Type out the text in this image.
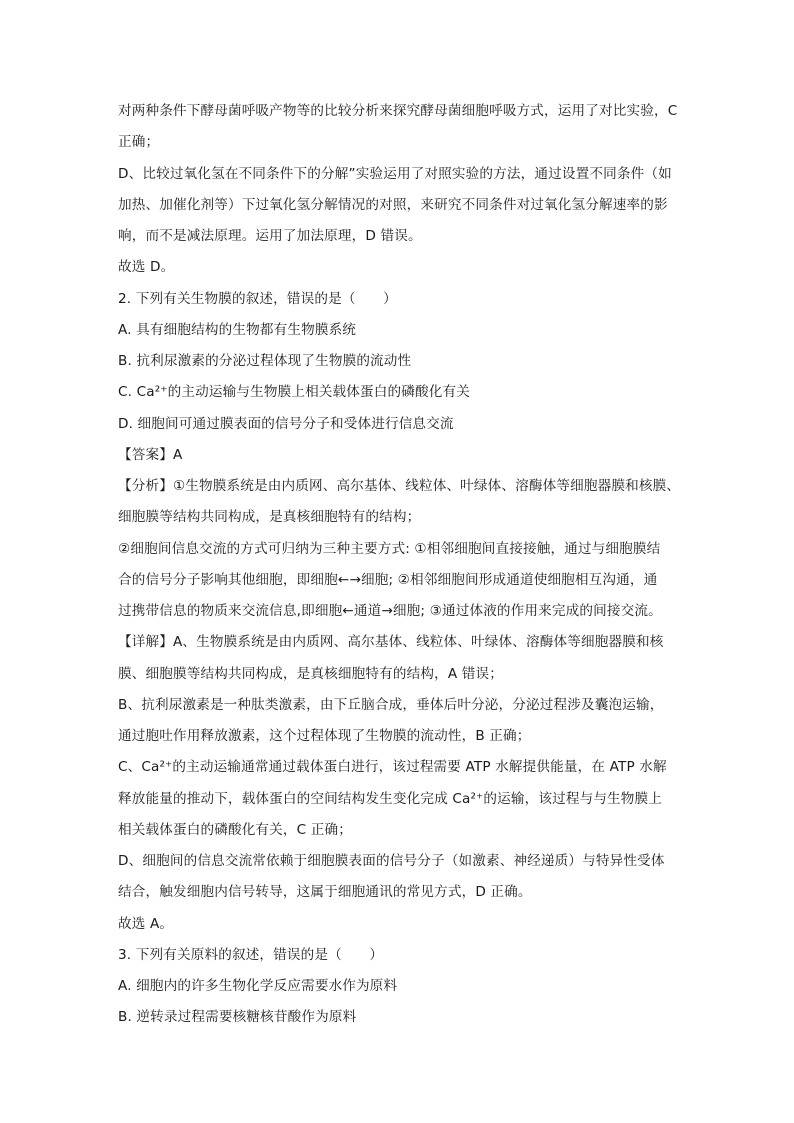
对两种条件下酵母菌呼吸产物等的比较分析来探究酵母菌细胞呼吸方式，运用了对比实验，C
正确；
D、比较过氧化氢在不同条件下的分解”实验运用了对照实验的方法，通过设置不同条件（如
加热、加催化剂等）下过氧化氢分解情况的对照，来研究不同条件对过氧化氢分解速率的影
响，而不是减法原理。运用了加法原理，D 错误。
故选 D。
2. 下列有关生物膜的叙述，错误的是（　　）
A. 具有细胞结构的生物都有生物膜系统
B. 抗利尿激素的分泌过程体现了生物膜的流动性
C. Ca²⁺的主动运输与生物膜上相关载体蛋白的磷酸化有关
D. 细胞间可通过膜表面的信号分子和受体进行信息交流
【答案】A
【分析】①生物膜系统是由内质网、高尔基体、线粒体、叶绿体、溶酶体等细胞器膜和核膜、
细胞膜等结构共同构成，是真核细胞特有的结构；
②细胞间信息交流的方式可归纳为三种主要方式: ①相邻细胞间直接接触，通过与细胞膜结
合的信号分子影响其他细胞，即细胞←→细胞; ②相邻细胞间形成通道使细胞相互沟通，通
过携带信息的物质来交流信息,即细胞←通道→细胞; ③通过体液的作用来完成的间接交流。
【详解】A、生物膜系统是由内质网、高尔基体、线粒体、叶绿体、溶酶体等细胞器膜和核
膜、细胞膜等结构共同构成，是真核细胞特有的结构，A 错误；
B、抗利尿激素是一种肽类激素，由下丘脑合成，垂体后叶分泌，分泌过程涉及囊泡运输，
通过胞吐作用释放激素，这个过程体现了生物膜的流动性，B 正确；
C、Ca²⁺的主动运输通常通过载体蛋白进行，该过程需要 ATP 水解提供能量，在 ATP 水解
释放能量的推动下，载体蛋白的空间结构发生变化完成 Ca²⁺的运输，该过程与与生物膜上
相关载体蛋白的磷酸化有关，C 正确；
D、细胞间的信息交流常依赖于细胞膜表面的信号分子（如激素、神经递质）与特异性受体
结合，触发细胞内信号转导，这属于细胞通讯的常见方式，D 正确。
故选 A。
3. 下列有关原料的叙述，错误的是（　　）
A. 细胞内的许多生物化学反应需要水作为原料
B. 逆转录过程需要核糖核苷酸作为原料
